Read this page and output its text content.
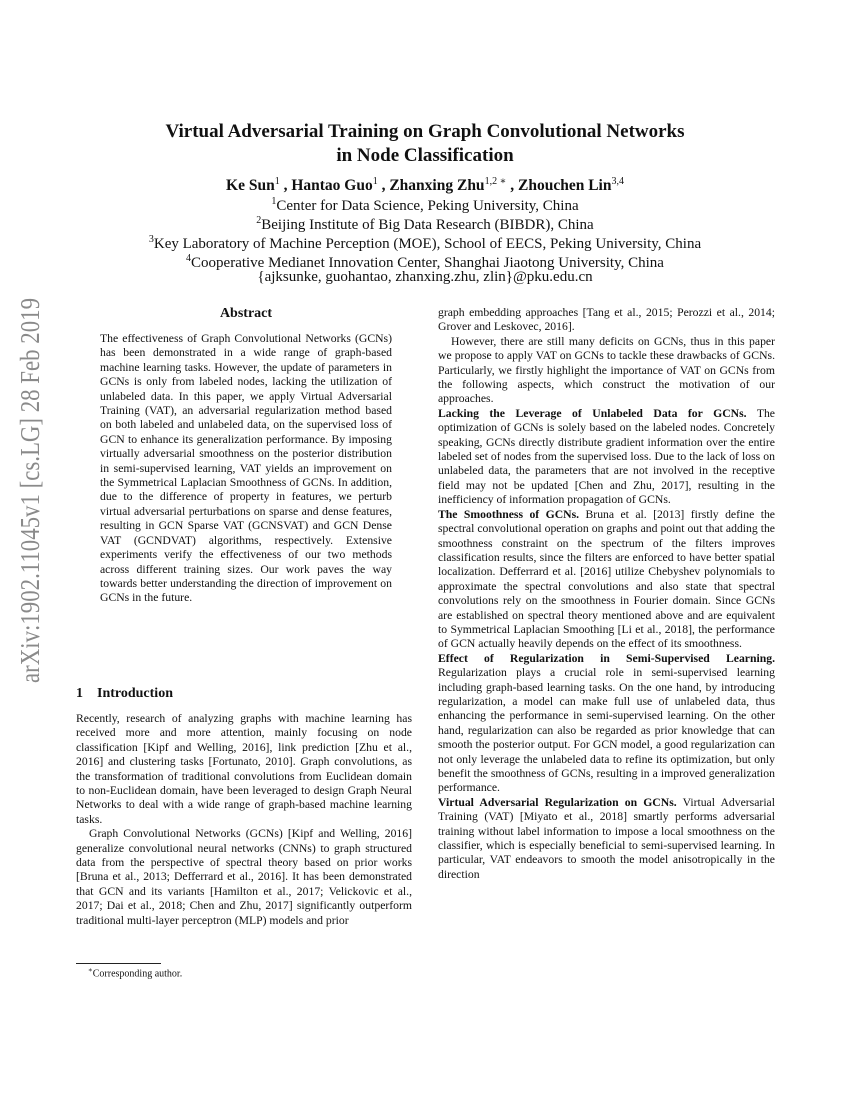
arXiv:1902.11045v1 [cs.LG] 28 Feb 2019
Virtual Adversarial Training on Graph Convolutional Networks
in Node Classification
Ke Sun$^1$ , Hantao Guo$^1$ , Zhanxing Zhu$^{1,2 ∗}$ , Zhouchen Lin$^{3,4}$
$^1$Center for Data Science, Peking University, China
$^2$Beijing Institute of Big Data Research (BIBDR), China
$^3$Key Laboratory of Machine Perception (MOE), School of EECS, Peking University, China
$^4$Cooperative Medianet Innovation Center, Shanghai Jiaotong University, China
{ajksunke, guohantao, zhanxing.zhu, zlin}@pku.edu.cn
Abstract

The effectiveness of Graph Convolutional Networks (GCNs) has been demonstrated in a wide range of graph-based machine learning tasks. However, the update of parameters in GCNs is only from labeled nodes, lacking the utilization of unlabeled data. In this paper, we apply Virtual Adversarial Training (VAT), an adversarial regularization method based on both labeled and unlabeled data, on the supervised loss of GCN to enhance its generalization performance. By imposing virtually adversarial smoothness on the posterior distribution in semi-supervised learning, VAT yields an improvement on the Symmetrical Laplacian Smoothness of GCNs. In addition, due to the difference of property in features, we perturb virtual adversarial perturbations on sparse and dense features, resulting in GCN Sparse VAT (GCNSVAT) and GCN Dense VAT (GCNDVAT) algorithms, respectively. Extensive experiments verify the effectiveness of our two methods across different training sizes. Our work paves the way towards better understanding the direction of improvement on GCNs in the future.

1 Introduction

Recently, research of analyzing graphs with machine learning has received more and more attention, mainly focusing on node classification [Kipf and Welling, 2016], link prediction [Zhu et al., 2016] and clustering tasks [Fortunato, 2010]. Graph convolutions, as the transformation of traditional convolutions from Euclidean domain to non-Euclidean domain, have been leveraged to design Graph Neural Networks to deal with a wide range of graph-based machine learning tasks.

Graph Convolutional Networks (GCNs) [Kipf and Welling, 2016] generalize convolutional neural networks (CNNs) to graph structured data from the perspective of spectral theory based on prior works [Bruna et al., 2013; Defferrard et al., 2016]. It has been demonstrated that GCN and its variants [Hamilton et al., 2017; Velickovic et al., 2017; Dai et al., 2018; Chen and Zhu, 2017] significantly outperform traditional multi-layer perceptron (MLP) models and prior

∗Corresponding author.

graph embedding approaches [Tang et al., 2015; Perozzi et al., 2014; Grover and Leskovec, 2016].

However, there are still many deficits on GCNs, thus in this paper we propose to apply VAT on GCNs to tackle these drawbacks of GCNs. Particularly, we firstly highlight the importance of VAT on GCNs from the following aspects, which construct the motivation of our approaches.

Lacking the Leverage of Unlabeled Data for GCNs. The optimization of GCNs is solely based on the labeled nodes. Concretely speaking, GCNs directly distribute gradient information over the entire labeled set of nodes from the supervised loss. Due to the lack of loss on unlabeled data, the parameters that are not involved in the receptive field may not be updated [Chen and Zhu, 2017], resulting in the inefficiency of information propagation of GCNs.

The Smoothness of GCNs. Bruna et al. [2013] firstly define the spectral convolutional operation on graphs and point out that adding the smoothness constraint on the spectrum of the filters improves classification results, since the filters are enforced to have better spatial localization. Defferrard et al. [2016] utilize Chebyshev polynomials to approximate the spectral convolutions and also state that spectral convolutions rely on the smoothness in Fourier domain. Since GCNs are established on spectral theory mentioned above and are equivalent to Symmetrical Laplacian Smoothing [Li et al., 2018], the performance of GCN actually heavily depends on the effect of its smoothness.

Effect of Regularization in Semi-Supervised Learning. Regularization plays a crucial role in semi-supervised learning including graph-based learning tasks. On the one hand, by introducing regularization, a model can make full use of unlabeled data, thus enhancing the performance in semi-supervised learning. On the other hand, regularization can also be regarded as prior knowledge that can smooth the posterior output. For GCN model, a good regularization can not only leverage the unlabeled data to refine its optimization, but only benefit the smoothness of GCNs, resulting in a improved generalization performance.

Virtual Adversarial Regularization on GCNs. Virtual Adversarial Training (VAT) [Miyato et al., 2018] smartly performs adversarial training without label information to impose a local smoothness on the classifier, which is especially beneficial to semi-supervised learning. In particular, VAT endeavors to smooth the model anisotropically in the direction
